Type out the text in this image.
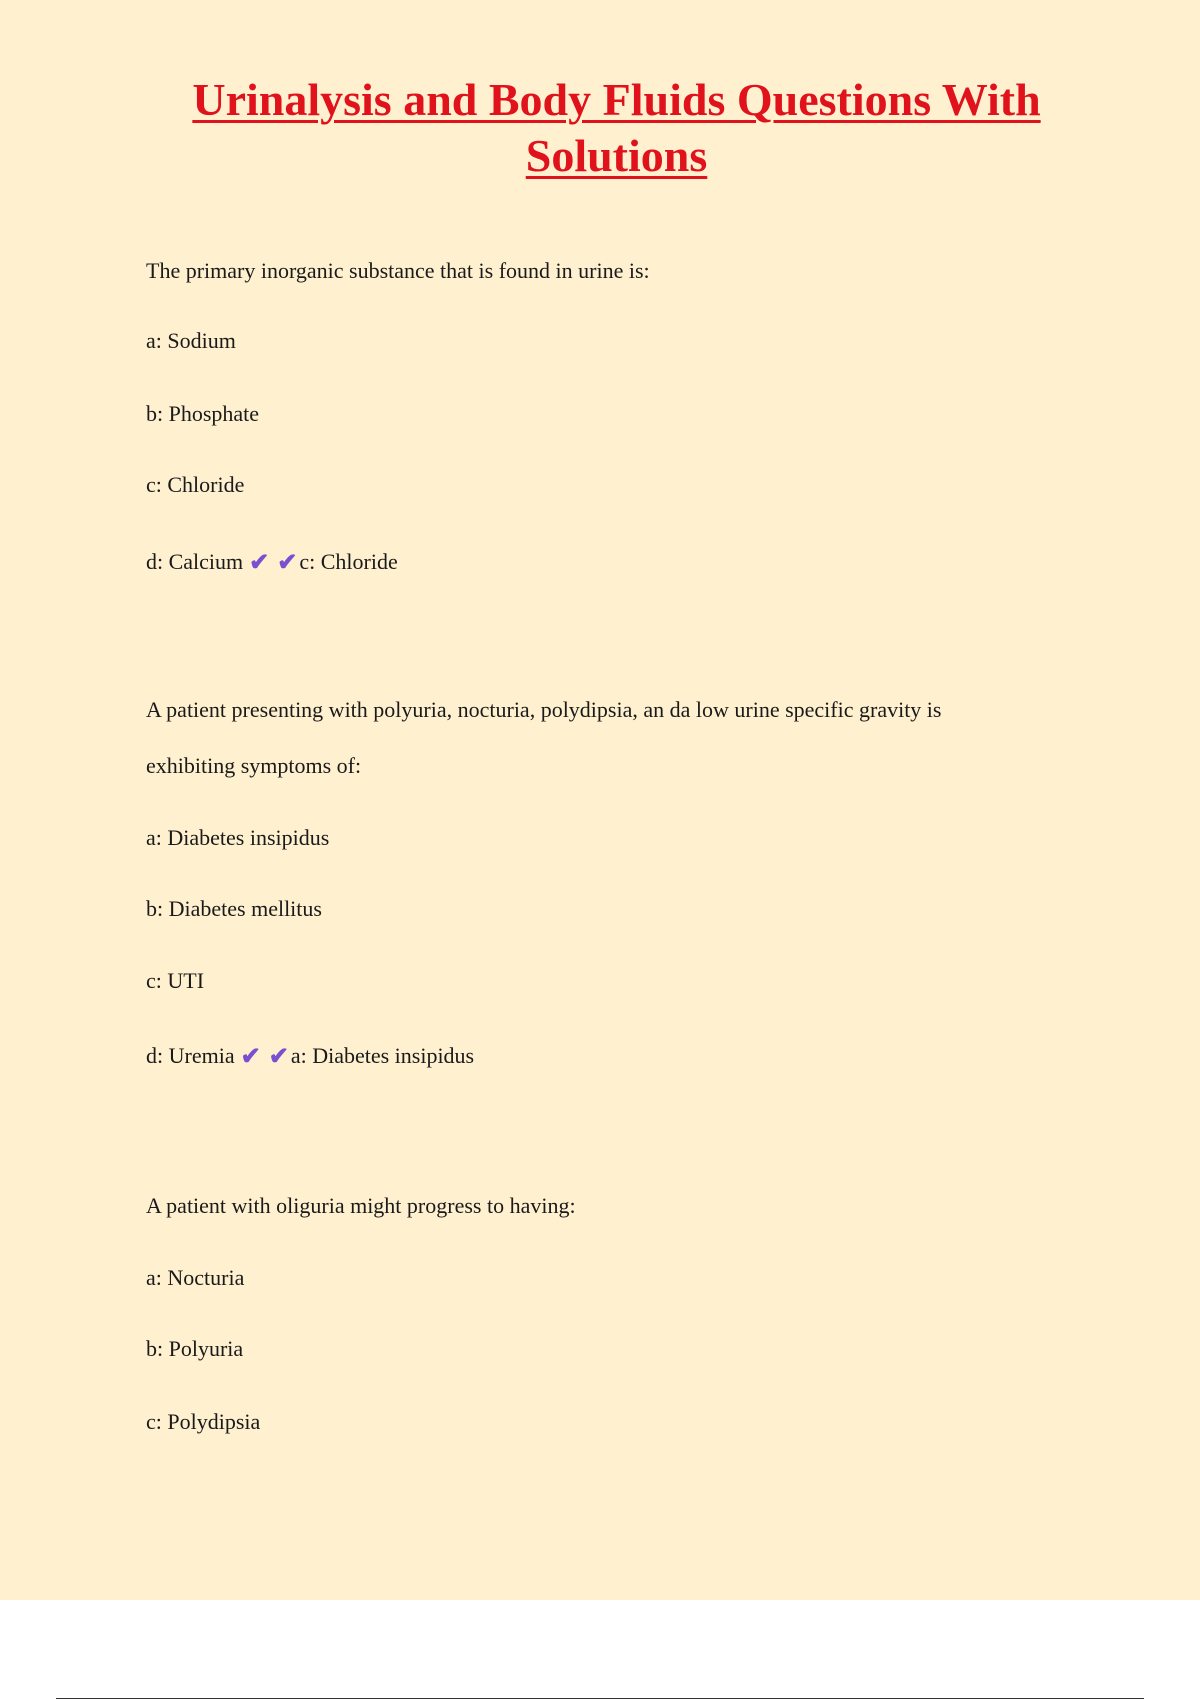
Urinalysis and Body Fluids Questions With
Solutions
The primary inorganic substance that is found in urine is:
a: Sodium
b: Phosphate
c: Chloride
d: Calcium ✔ ✔c: Chloride
A patient presenting with polyuria, nocturia, polydipsia, an da low urine specific gravity is
exhibiting symptoms of:
a: Diabetes insipidus
b: Diabetes mellitus
c: UTI
d: Uremia ✔ ✔a: Diabetes insipidus
A patient with oliguria might progress to having:
a: Nocturia
b: Polyuria
c: Polydipsia
